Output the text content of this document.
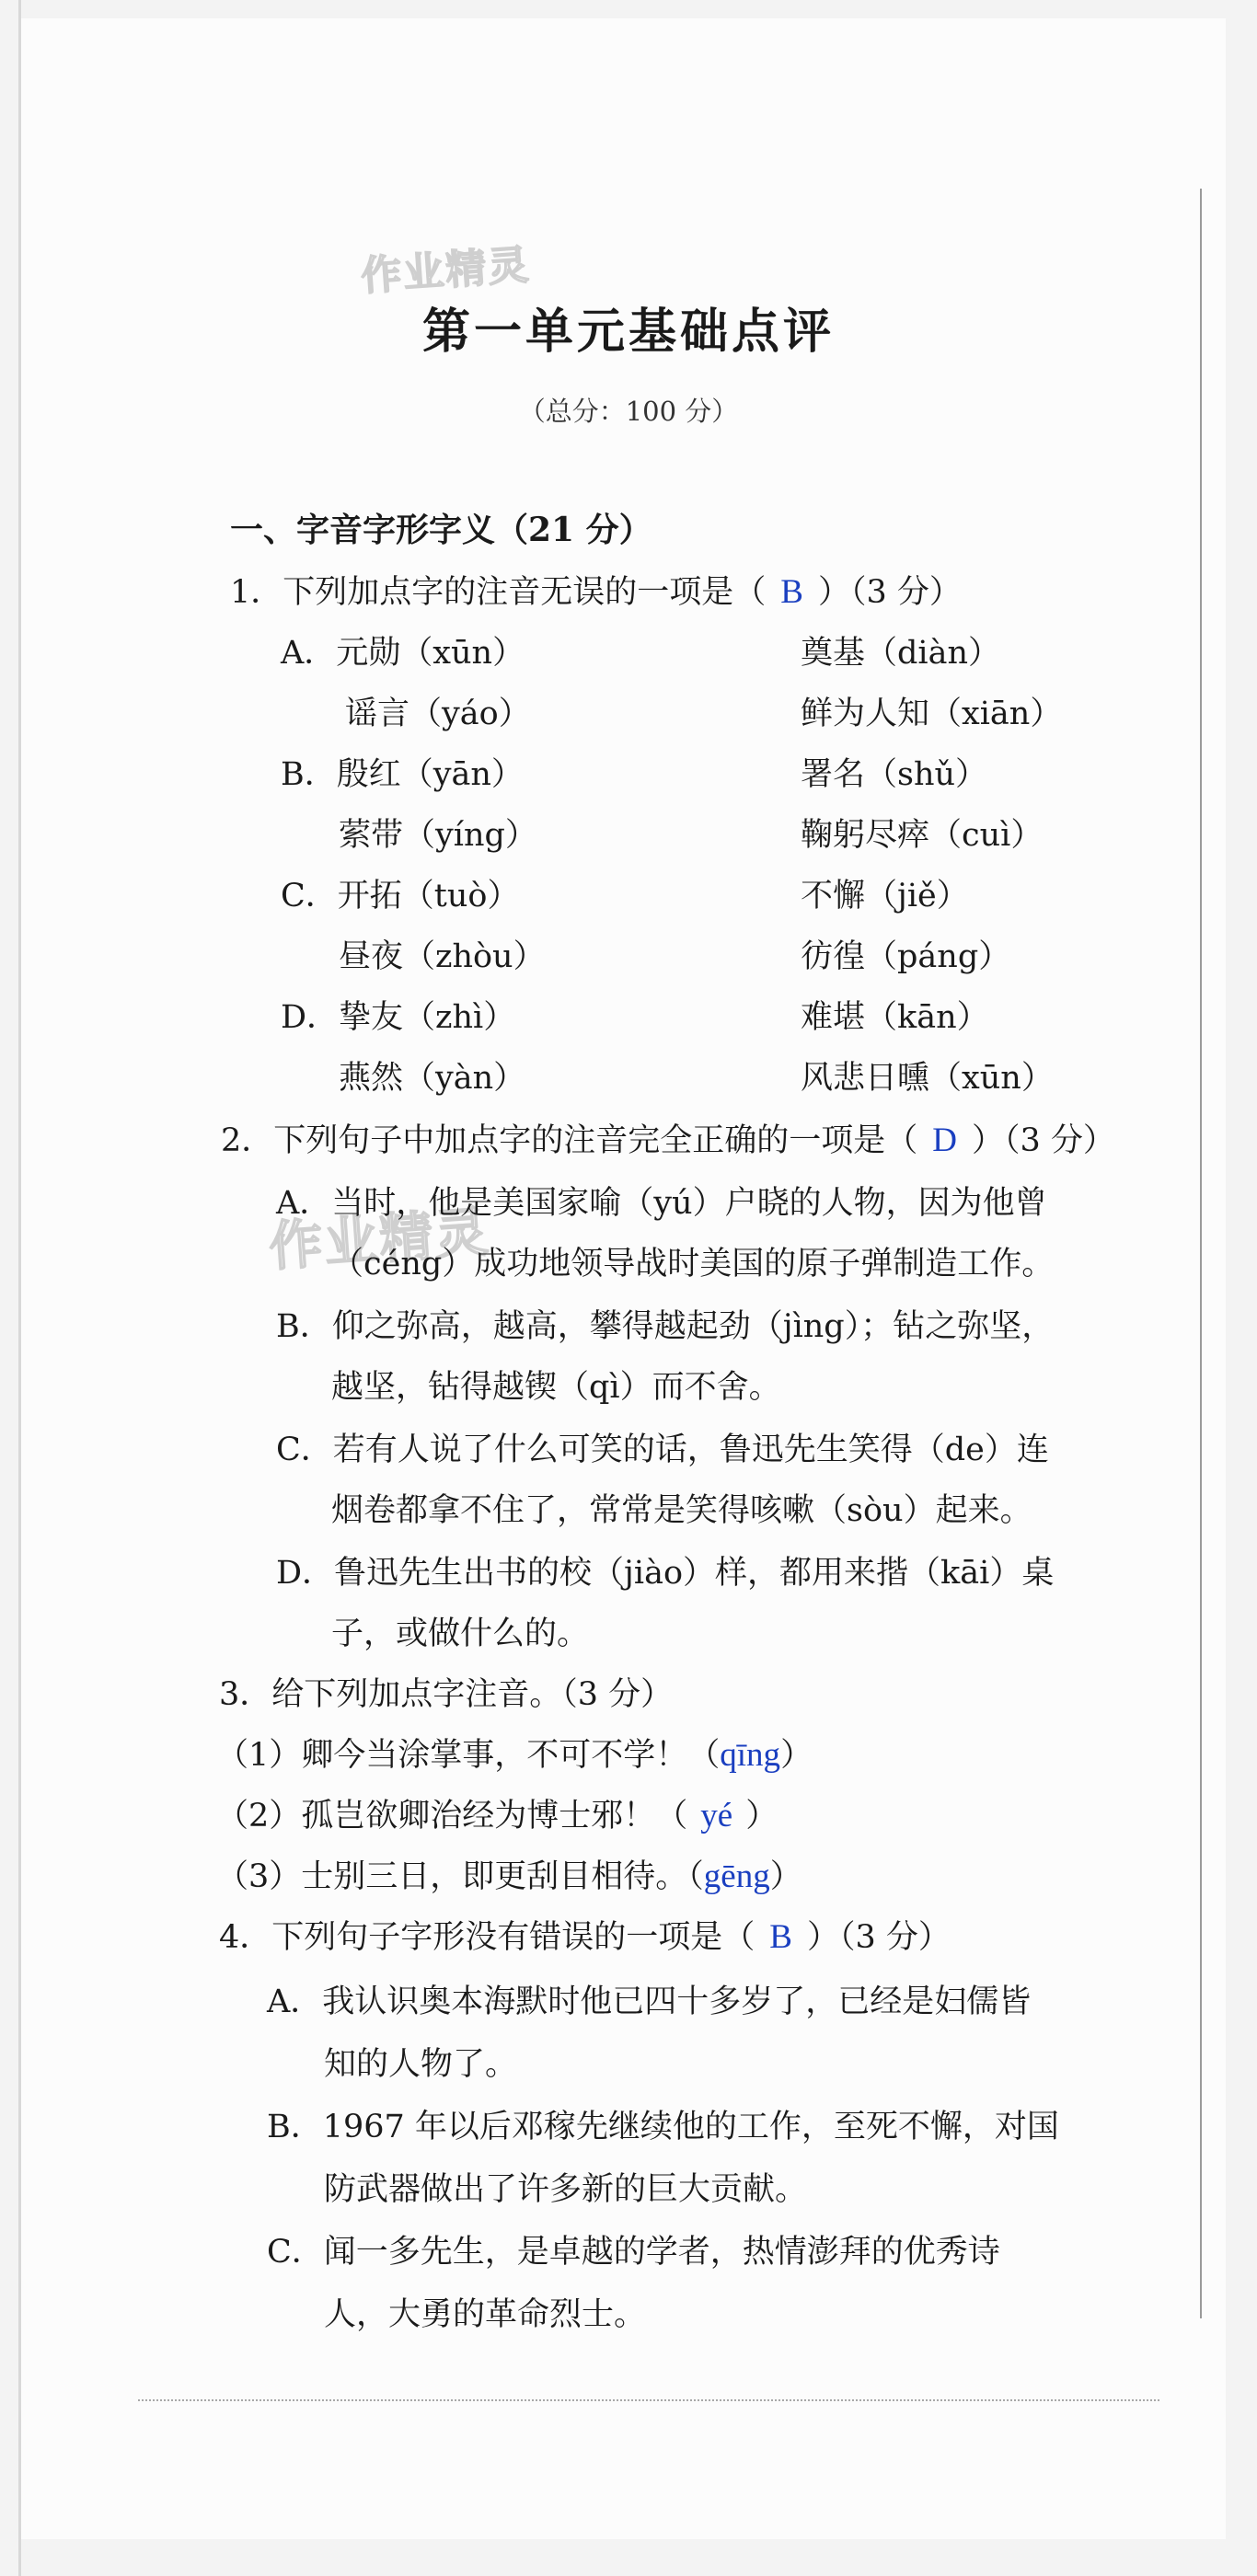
作业精灵
作业精灵
第一单元基础点评
（总分：100 分）
一、字音字形字义（21 分）
1．下列加点字的注音无误的一项是（ B ）（3 分）
A．元勋（xūn）	奠基（diàn）
谣言（yáo）	鲜为人知（xiān）
B．殷红（yān）	署名（shǔ）
萦带（yíng）	鞠躬尽瘁（cuì）
C．开拓（tuò）	不懈（jiě）
昼夜（zhòu）	彷徨（páng）
D．挚友（zhì）	难堪（kān）
燕然（yàn）	风悲日曛（xūn）
2．下列句子中加点字的注音完全正确的一项是（ D ）（3 分）
A．当时，他是美国家喻（yú）户晓的人物，因为他曾
（céng）成功地领导战时美国的原子弹制造工作。
B．仰之弥高，越高，攀得越起劲（jìng）；钻之弥坚，
越坚，钻得越锲（qì）而不舍。
C．若有人说了什么可笑的话，鲁迅先生笑得（de）连
烟卷都拿不住了，常常是笑得咳嗽（sòu）起来。
D．鲁迅先生出书的校（jiào）样，都用来揩（kāi）桌
子，或做什么的。
3．给下列加点字注音。（3 分）
（1）卿今当涂掌事，不可不学！（qīng）
（2）孤岂欲卿治经为博士邪！（ yé ）
（3）士别三日，即更刮目相待。（gēng）
4．下列句子字形没有错误的一项是（ B ）（3 分）
A．我认识奥本海默时他已四十多岁了，已经是妇儒皆
知的人物了。
B．1967 年以后邓稼先继续他的工作，至死不懈，对国
防武器做出了许多新的巨大贡献。
C．闻一多先生，是卓越的学者，热情澎拜的优秀诗
人，大勇的革命烈士。
